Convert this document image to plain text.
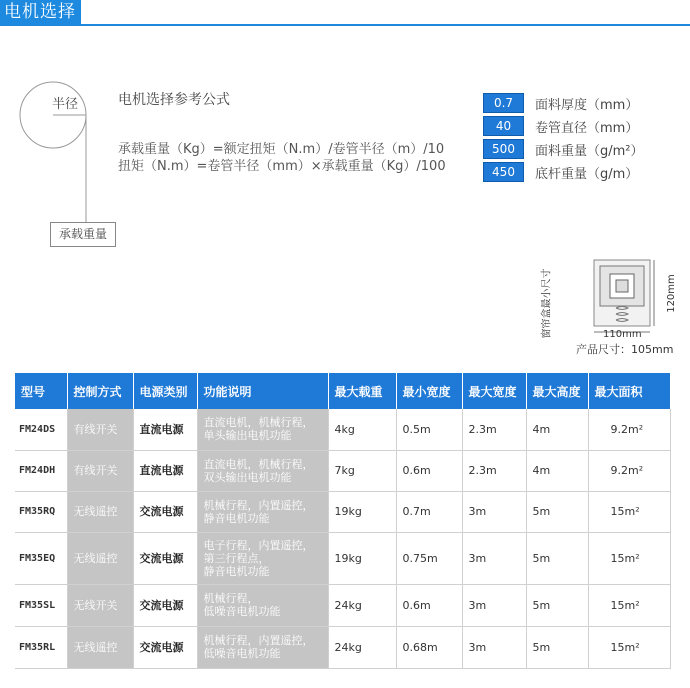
电机选择
半径
承载重量
电机选择参考公式
承载重量（Kg）=额定扭矩（N.m）/卷管半径（m）/10
扭矩（N.m）=卷管半径（mm）×承载重量（Kg）/100
0.7	面料厚度（mm）
40	卷管直径（mm）
500	面料重量（g/m²）
450	底杆重量（g/m）
窗帘盒最小尺寸	120mm
110mm
产品尺寸：105mm
型号	控制方式	电源类别	功能说明	最大载重	最小宽度	最大宽度	最大高度	最大面积
FM24DS	有线开关	直流电源	直流电机，机械行程，
单头输出电机功能	4kg	0.5m	2.3m	4m	9.2m²
FM24DH	有线开关	直流电源	直流电机，机械行程，
双头输出电机功能	7kg	0.6m	2.3m	4m	9.2m²
FM35RQ	无线遥控	交流电源	机械行程，内置遥控，
静音电机功能	19kg	0.7m	3m	5m	15m²
FM35EQ	无线遥控	交流电源	电子行程，内置遥控，
第三行程点，
静音电机功能	19kg	0.75m	3m	5m	15m²
FM35SL	无线开关	交流电源	机械行程，
低噪音电机功能	24kg	0.6m	3m	5m	15m²
FM35RL	无线遥控	交流电源	机械行程，内置遥控，
低噪音电机功能	24kg	0.68m	3m	5m	15m²
